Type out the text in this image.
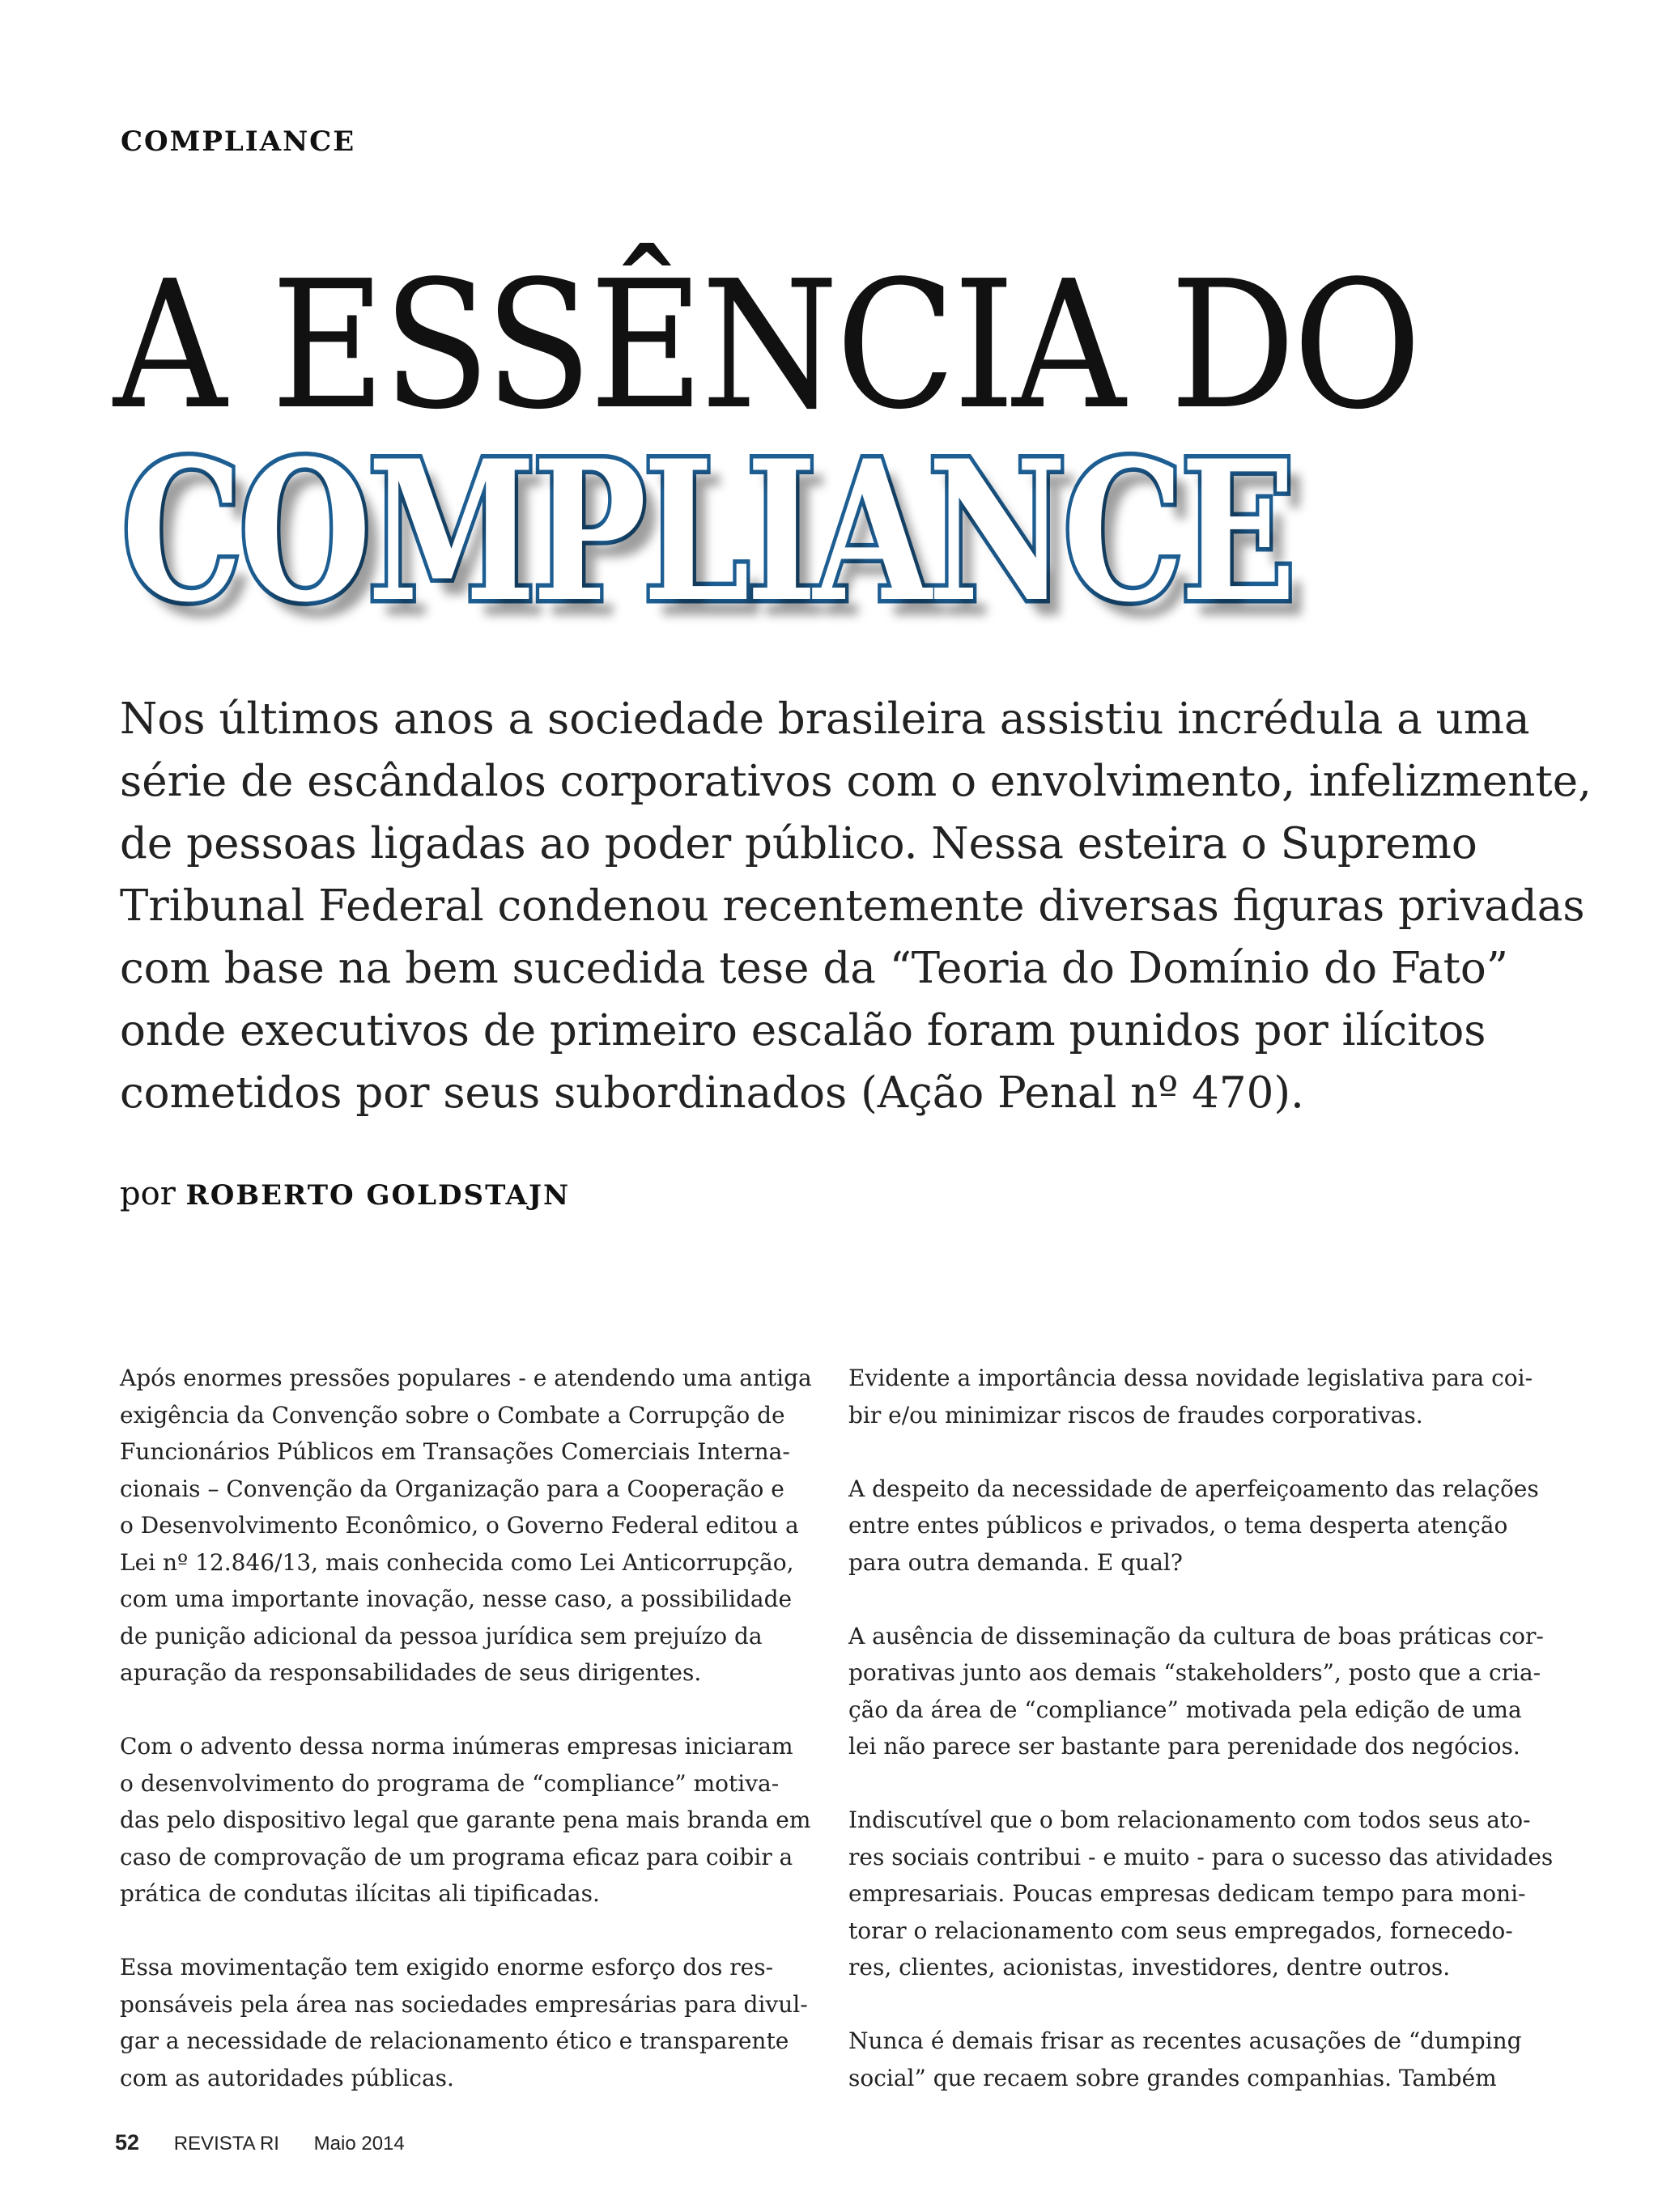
COMPLIANCE
A ESSÊNCIA DO
COMPLIANCE

Nos últimos anos a sociedade brasileira assistiu incrédula a uma
série de escândalos corporativos com o envolvimento, infelizmente,
de pessoas ligadas ao poder público. Nessa esteira o Supremo
Tribunal Federal condenou recentemente diversas figuras privadas
com base na bem sucedida tese da “Teoria do Domínio do Fato”
onde executivos de primeiro escalão foram punidos por ilícitos
cometidos por seus subordinados (Ação Penal nº 470).

por ROBERTO GOLDSTAJN

Após enormes pressões populares - e atendendo uma antiga
exigência da Convenção sobre o Combate a Corrupção de
Funcionários Públicos em Transações Comerciais Interna-
cionais – Convenção da Organização para a Cooperação e
o Desenvolvimento Econômico, o Governo Federal editou a
Lei nº 12.846/13, mais conhecida como Lei Anticorrupção,
com uma importante inovação, nesse caso, a possibilidade
de punição adicional da pessoa jurídica sem prejuízo da
apuração da responsabilidades de seus dirigentes.

Com o advento dessa norma inúmeras empresas iniciaram
o desenvolvimento do programa de “compliance” motiva-
das pelo dispositivo legal que garante pena mais branda em
caso de comprovação de um programa eficaz para coibir a
prática de condutas ilícitas ali tipificadas.

Essa movimentação tem exigido enorme esforço dos res-
ponsáveis pela área nas sociedades empresárias para divul-
gar a necessidade de relacionamento ético e transparente
com as autoridades públicas.

Evidente a importância dessa novidade legislativa para coi-
bir e/ou minimizar riscos de fraudes corporativas.

A despeito da necessidade de aperfeiçoamento das relações
entre entes públicos e privados, o tema desperta atenção
para outra demanda. E qual?

A ausência de disseminação da cultura de boas práticas cor-
porativas junto aos demais “stakeholders”, posto que a cria-
ção da área de “compliance” motivada pela edição de uma
lei não parece ser bastante para perenidade dos negócios.

Indiscutível que o bom relacionamento com todos seus ato-
res sociais contribui - e muito - para o sucesso das atividades
empresariais. Poucas empresas dedicam tempo para moni-
torar o relacionamento com seus empregados, fornecedo-
res, clientes, acionistas, investidores, dentre outros.

Nunca é demais frisar as recentes acusações de “dumping
social” que recaem sobre grandes companhias. Também

52 REVISTA RI Maio 2014
